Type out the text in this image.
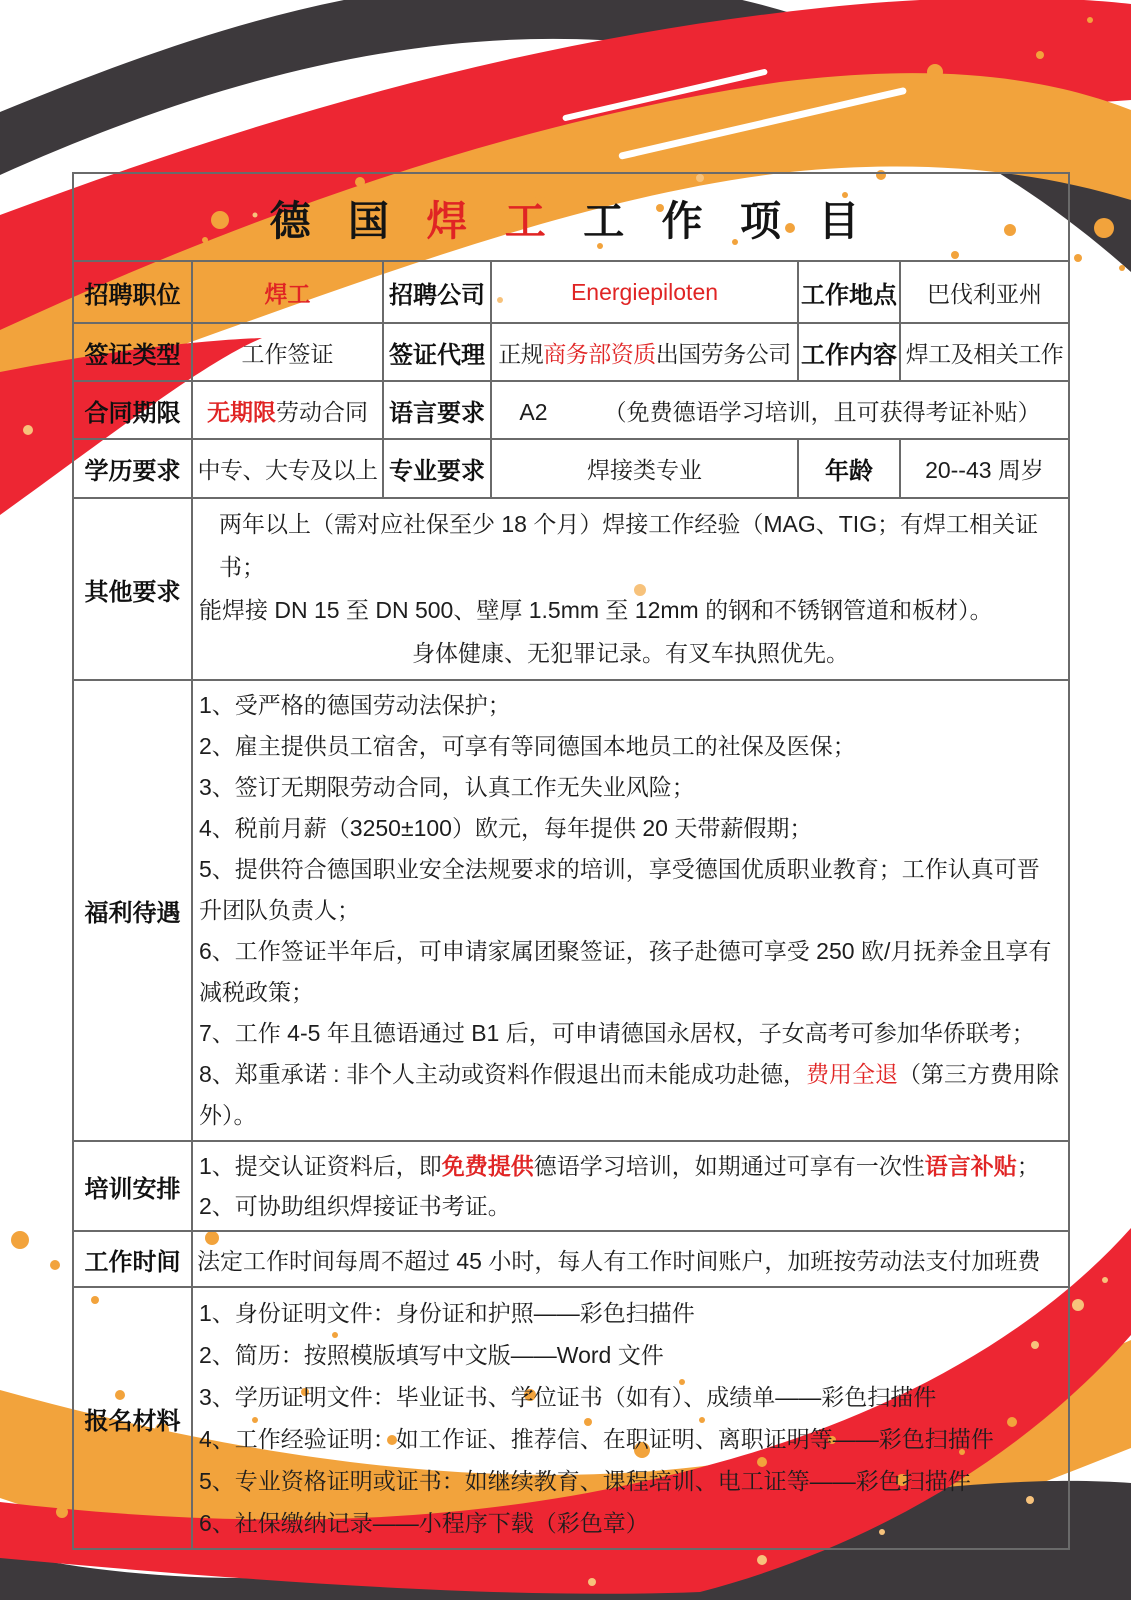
德 国 焊 工 工 作 项 目					
招聘职位	焊工	招聘公司	Energiepiloten	工作地点	巴伐利亚州
签证类型	工作签证	签证代理	正规商务部资质出国劳务公司	工作内容	焊工及相关工作
合同期限	无期限劳动合同	语言要求	A2 （免费德语学习培训，且可获得考证补贴）		
学历要求	中专、大专及以上	专业要求	焊接类专业	年龄	20--43 周岁
其他要求	两年以上（需对应社保至少 18 个月）焊接工作经验（MAG、TIG；有焊工相关证书；
能焊接 DN 15 至 DN 500、壁厚 1.5mm 至 12mm 的钢和不锈钢管道和板材）。
身体健康、无犯罪记录。有叉车执照优先。				

福利待遇	
1、受严格的德国劳动法保护；
2、雇主提供员工宿舍，可享有等同德国本地员工的社保及医保；
3、签订无期限劳动合同，认真工作无失业风险；
4、税前月薪（3250±100）欧元，每年提供 20 天带薪假期；
5、提供符合德国职业安全法规要求的培训，享受德国优质职业教育；工作认真可晋升团队负责人；
6、工作签证半年后，可申请家属团聚签证，孩子赴德可享受 250 欧/月抚养金且享有减税政策；
7、工作 4-5 年且德语通过 B1 后，可申请德国永居权，子女高考可参加华侨联考；
8、郑重承诺 : 非个人主动或资料作假退出而未能成功赴德，费用全退（第三方费用除外）。

培训安排	1、提交认证资料后，即免费提供德语学习培训，如期通过可享有一次性语言补贴；
2、可协助组织焊接证书考证。				

工作时间	法定工作时间每周不超过 45 小时，每人有工作时间账户，加班按劳动法支付加班费				
报名材料	
1、身份证明文件：身份证和护照——彩色扫描件
2、简历：按照模版填写中文版——Word 文件
3、学历证明文件：毕业证书、学位证书（如有）、成绩单——彩色扫描件
4、工作经验证明：如工作证、推荐信、在职证明、离职证明等——彩色扫描件
5、专业资格证明或证书：如继续教育、课程培训、电工证等——彩色扫描件
6、社保缴纳记录——小程序下载（彩色章）
